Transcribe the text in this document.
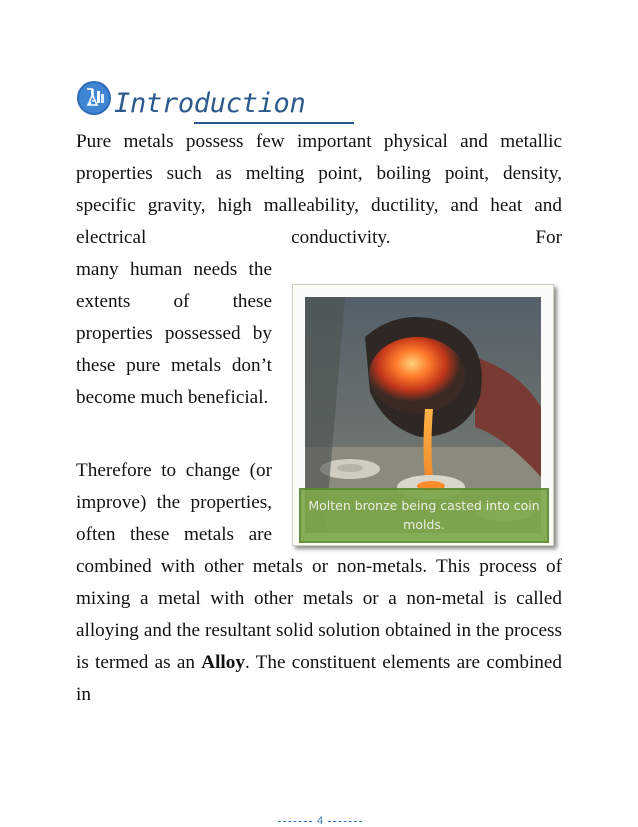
Introduction

Pure metals possess few important physical and metallic properties such as melting point, boiling point, density, specific gravity, high malleability, ductility, and heat and electrical conductivity. For

many human needs the extents of these properties possessed by these pure metals don’t become much beneficial.

Therefore to change (or improve) the properties, often these metals are

combined with other metals or non-metals. This process of mixing a metal with other metals or a non-metal is called alloying and the resultant solid solution obtained in the process is termed as an Alloy. The constituent elements are combined in

Molten bronze being casted into coin molds.
4
